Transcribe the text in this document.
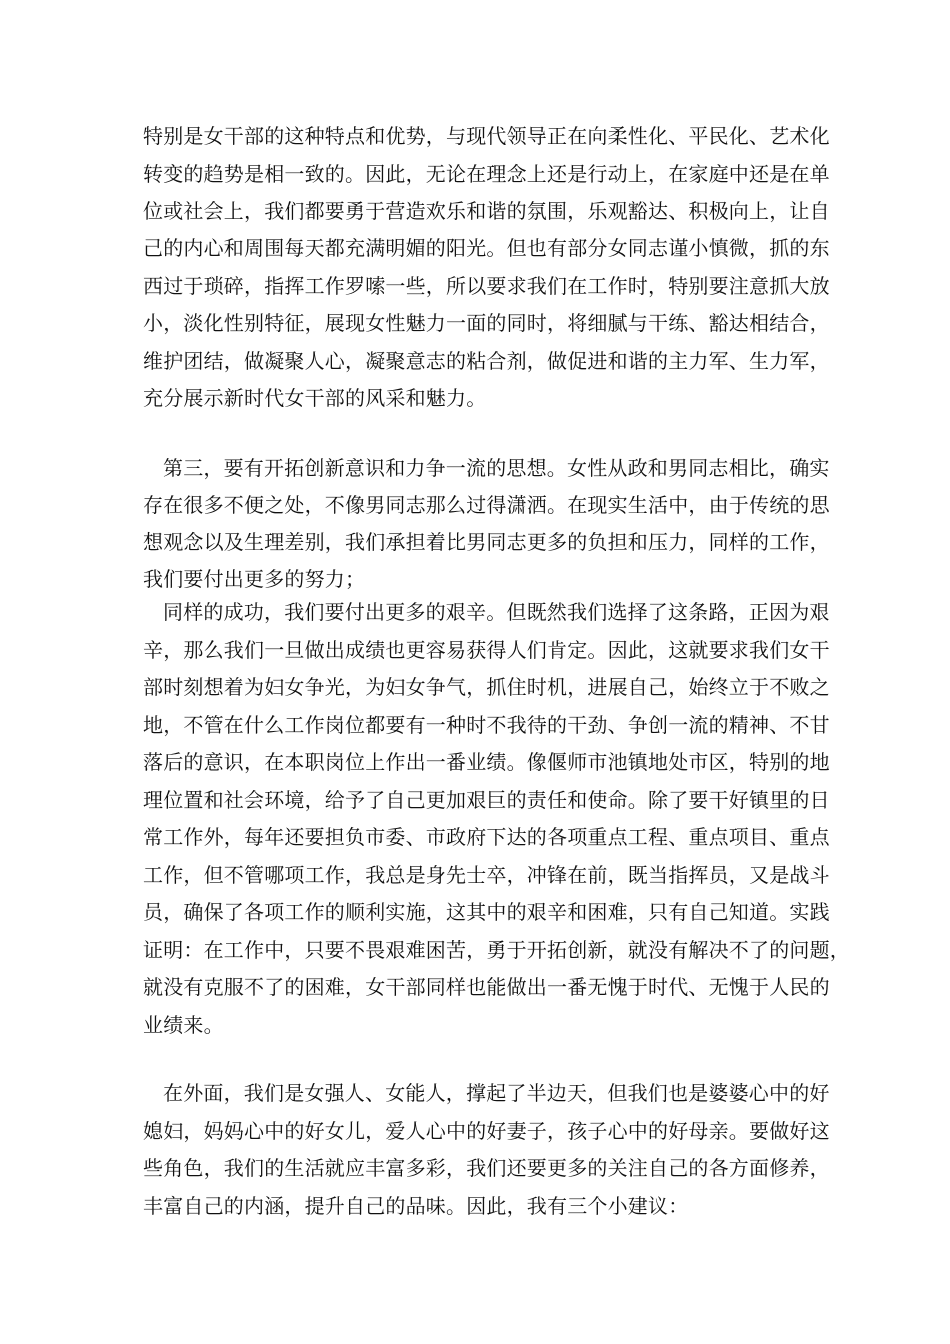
特别是女干部的这种特点和优势，与现代领导正在向柔性化、平民化、艺术化
转变的趋势是相一致的。因此，无论在理念上还是行动上，在家庭中还是在单
位或社会上，我们都要勇于营造欢乐和谐的氛围，乐观豁达、积极向上，让自
己的内心和周围每天都充满明媚的阳光。但也有部分女同志谨小慎微，抓的东
西过于琐碎，指挥工作罗嗦一些，所以要求我们在工作时，特别要注意抓大放
小，淡化性别特征，展现女性魅力一面的同时，将细腻与干练、豁达相结合，
维护团结，做凝聚人心，凝聚意志的粘合剂，做促进和谐的主力军、生力军，
充分展示新时代女干部的风采和魅力。
第三，要有开拓创新意识和力争一流的思想。女性从政和男同志相比，确实
存在很多不便之处，不像男同志那么过得潇洒。在现实生活中，由于传统的思
想观念以及生理差别，我们承担着比男同志更多的负担和压力，同样的工作，
我们要付出更多的努力；
同样的成功，我们要付出更多的艰辛。但既然我们选择了这条路，正因为艰
辛，那么我们一旦做出成绩也更容易获得人们肯定。因此，这就要求我们女干
部时刻想着为妇女争光，为妇女争气，抓住时机，进展自己，始终立于不败之
地，不管在什么工作岗位都要有一种时不我待的干劲、争创一流的精神、不甘
落后的意识，在本职岗位上作出一番业绩。像偃师市池镇地处市区，特别的地
理位置和社会环境，给予了自己更加艰巨的责任和使命。除了要干好镇里的日
常工作外，每年还要担负市委、市政府下达的各项重点工程、重点项目、重点
工作，但不管哪项工作，我总是身先士卒，冲锋在前，既当指挥员，又是战斗
员，确保了各项工作的顺利实施，这其中的艰辛和困难，只有自己知道。实践
证明：在工作中，只要不畏艰难困苦，勇于开拓创新，就没有解决不了的问题，
就没有克服不了的困难，女干部同样也能做出一番无愧于时代、无愧于人民的
业绩来。
在外面，我们是女强人、女能人，撑起了半边天，但我们也是婆婆心中的好
媳妇，妈妈心中的好女儿，爱人心中的好妻子，孩子心中的好母亲。要做好这
些角色，我们的生活就应丰富多彩，我们还要更多的关注自己的各方面修养，
丰富自己的内涵，提升自己的品味。因此，我有三个小建议：
